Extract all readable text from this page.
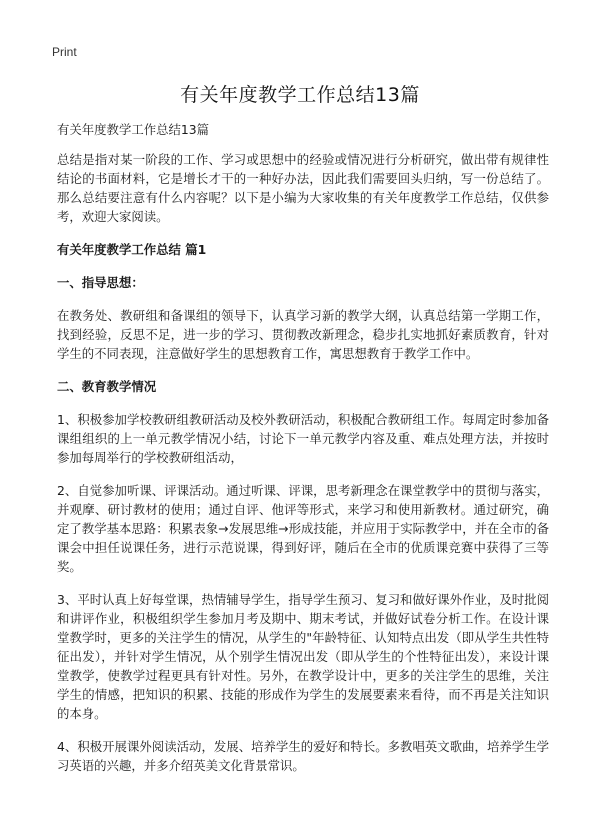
Print
有关年度教学工作总结13篇

有关年度教学工作总结13篇

总结是指对某一阶段的工作、学习或思想中的经验或情况进行分析研究，做出带有规律性结论的书面材料，它是增长才干的一种好办法，因此我们需要回头归纳，写一份总结了。那么总结要注意有什么内容呢？以下是小编为大家收集的有关年度教学工作总结，仅供参考，欢迎大家阅读。

有关年度教学工作总结 篇1

一、指导思想：

在教务处、教研组和备课组的领导下，认真学习新的教学大纲，认真总结第一学期工作，找到经验，反思不足，进一步的学习、贯彻教改新理念，稳步扎实地抓好素质教育，针对学生的不同表现，注意做好学生的思想教育工作，寓思想教育于教学工作中。

二、教育教学情况

1、积极参加学校教研组教研活动及校外教研活动，积极配合教研组工作。每周定时参加备课组组织的上一单元教学情况小结，讨论下一单元教学内容及重、难点处理方法，并按时参加每周举行的学校教研组活动，

2、自觉参加听课、评课活动。通过听课、评课，思考新理念在课堂教学中的贯彻与落实，并观摩、研讨教材的使用；通过自评、他评等形式，来学习和使用新教材。通过研究，确定了教学基本思路：积累表象→发展思维→形成技能，并应用于实际教学中，并在全市的备课会中担任说课任务，进行示范说课，得到好评，随后在全市的优质课竞赛中获得了三等奖。

3、平时认真上好每堂课，热情辅导学生，指导学生预习、复习和做好课外作业，及时批阅和讲评作业，积极组织学生参加月考及期中、期末考试，并做好试卷分析工作。在设计课堂教学时，更多的关注学生的情况，从学生的"年龄特征、认知特点出发（即从学生共性特征出发），并针对学生情况，从个别学生情况出发（即从学生的个性特征出发），来设计课堂教学，使教学过程更具有针对性。另外，在教学设计中，更多的关注学生的思维，关注学生的情感，把知识的积累、技能的形成作为学生的发展要素来看待，而不再是关注知识的本身。

4、积极开展课外阅读活动，发展、培养学生的爱好和特长。多教唱英文歌曲，培养学生学习英语的兴趣，并多介绍英美文化背景常识。
